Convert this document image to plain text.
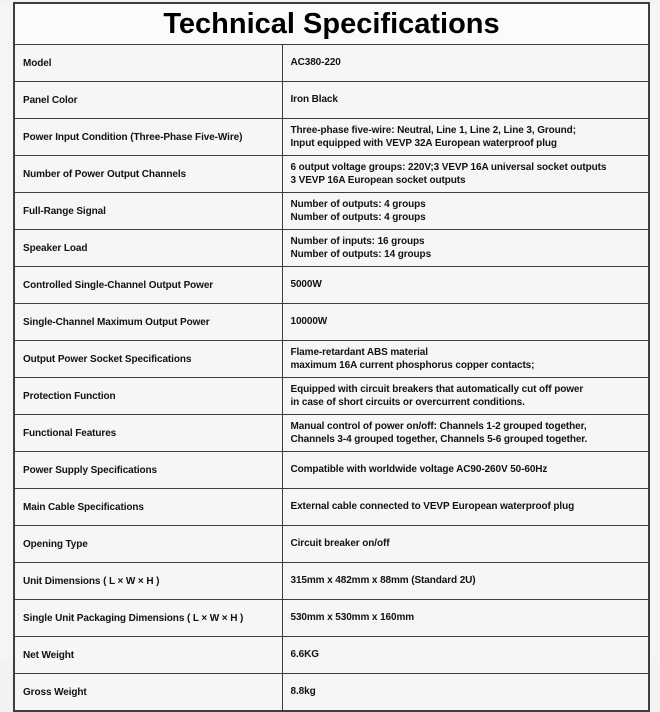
Technical Specifications	
Model	AC380-220

Panel Color	Iron Black

Power Input Condition (Three-Phase Five-Wire)	Three-phase five-wire: Neutral, Line 1, Line 2, Line 3, Ground;
Input equipped with VEVP 32A European waterproof plug

Number of Power Output Channels	6 output voltage groups: 220V;3 VEVP 16A universal socket outputs
3 VEVP 16A European socket outputs

Full-Range Signal	Number of outputs: 4 groups
Number of outputs: 4 groups

Speaker Load	Number of inputs: 16 groups
Number of outputs: 14 groups

Controlled Single-Channel Output Power	5000W

Single-Channel Maximum Output Power	10000W

Output Power Socket Specifications	Flame-retardant ABS material
maximum 16A current phosphorus copper contacts;

Protection Function	Equipped with circuit breakers that automatically cut off power
in case of short circuits or overcurrent conditions.

Functional Features	Manual control of power on/off: Channels 1-2 grouped together,
Channels 3-4 grouped together, Channels 5-6 grouped together.

Power Supply Specifications	Compatible with worldwide voltage AC90-260V 50-60Hz

Main Cable Specifications	External cable connected to VEVP European waterproof plug

Opening Type	Circuit breaker on/off

Unit Dimensions ( L × W × H )	315mm x 482mm x 88mm (Standard 2U)

Single Unit Packaging Dimensions ( L × W × H )	530mm x 530mm x 160mm

Net Weight	6.6KG

Gross Weight	8.8kg
